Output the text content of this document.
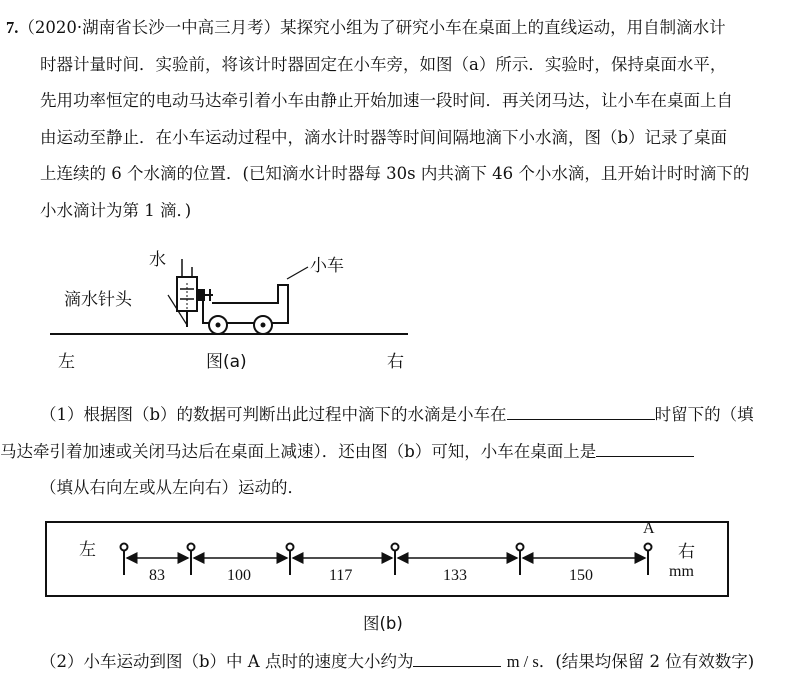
7.（2020·湖南省长沙一中高三月考）某探究小组为了研究小车在桌面上的直线运动，用自制滴水计
时器计量时间．实验前，将该计时器固定在小车旁，如图（a）所示．实验时，保持桌面水平，
先用功率恒定的电动马达牵引着小车由静止开始加速一段时间．再关闭马达，让小车在桌面上自
由运动至静止．在小车运动过程中，滴水计时器等时间间隔地滴下小水滴，图（b）记录了桌面
上连续的 6 个水滴的位置．(已知滴水计时器每 30s 内共滴下 46 个小水滴，且开始计时时滴下的
小水滴计为第 1 滴．)
水	小车
滴水针头
左	图(a)	右
（1）根据图（b）的数据可判断出此过程中滴下的水滴是小车在	时留下的（填
马达牵引着加速或关闭马达后在桌面上减速）．还由图（b）可知，小车在桌面上是
（填从右向左或从左向右）运动的．
左
A
右
mm
83	100	117	133	150
图(b)
（2）小车运动到图（b）中 A 点时的速度大小约为	m / s．(结果均保留 2 位有效数字)
